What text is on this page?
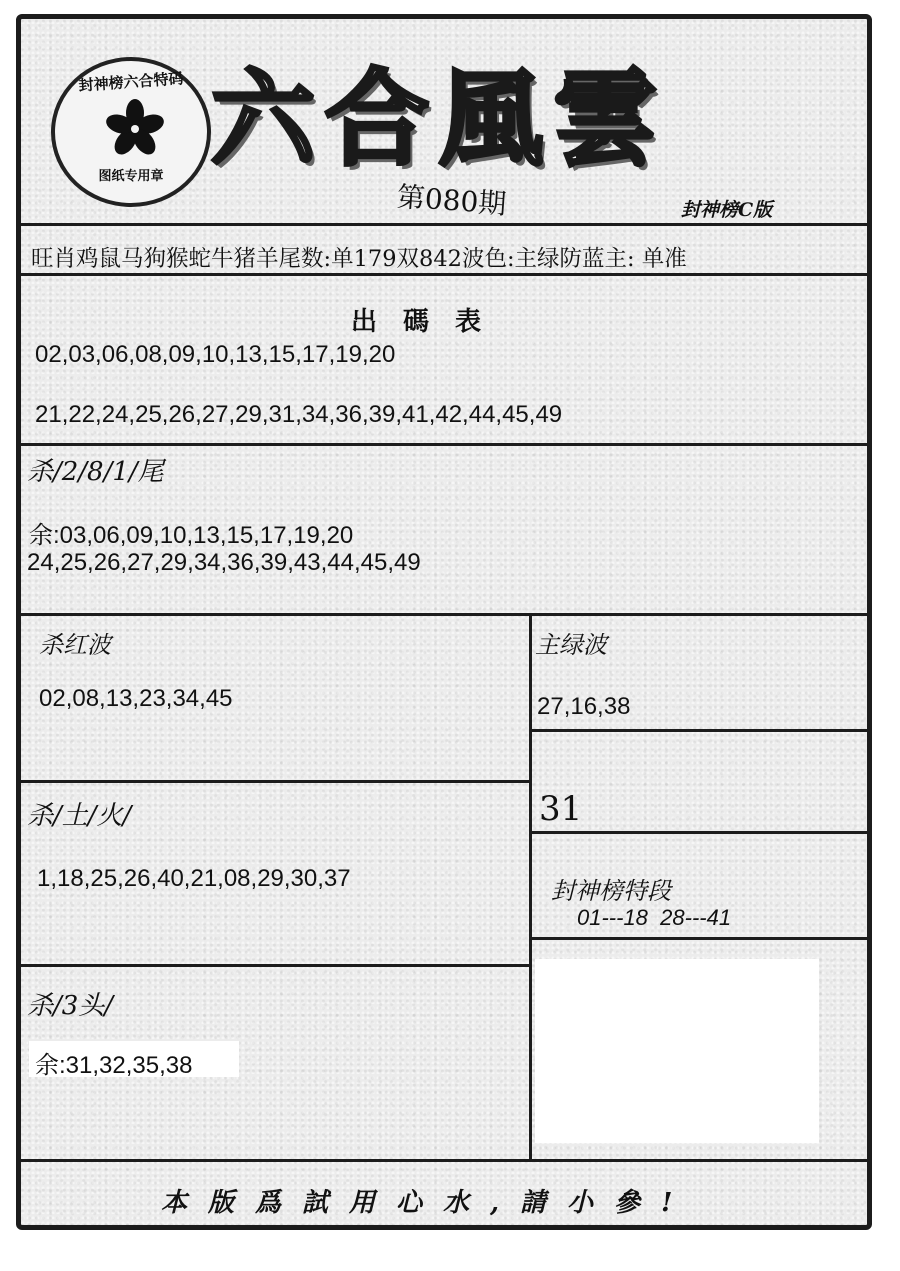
封神榜六合特码
图纸专用章 六合風雲
第080期	封神榜C版
旺肖鸡鼠马狗猴蛇牛猪羊尾数:单179双842波色:主绿防蓝主: 单准
出碼表
02,03,06,08,09,10,13,15,17,19,20
21,22,24,25,26,27,29,31,34,36,39,41,42,44,45,49
杀/2/8/1/尾
余:03,06,09,10,13,15,17,19,20
24,25,26,27,29,34,36,39,43,44,45,49
杀红波
02,08,13,23,34,45
主绿波
27,16,38
杀/土/火/
1,18,25,26,40,21,08,29,30,37
31
封神榜特段
01---18  28---41
杀/3头/
余:31,32,35,38
本版爲試用心水,請小參!
